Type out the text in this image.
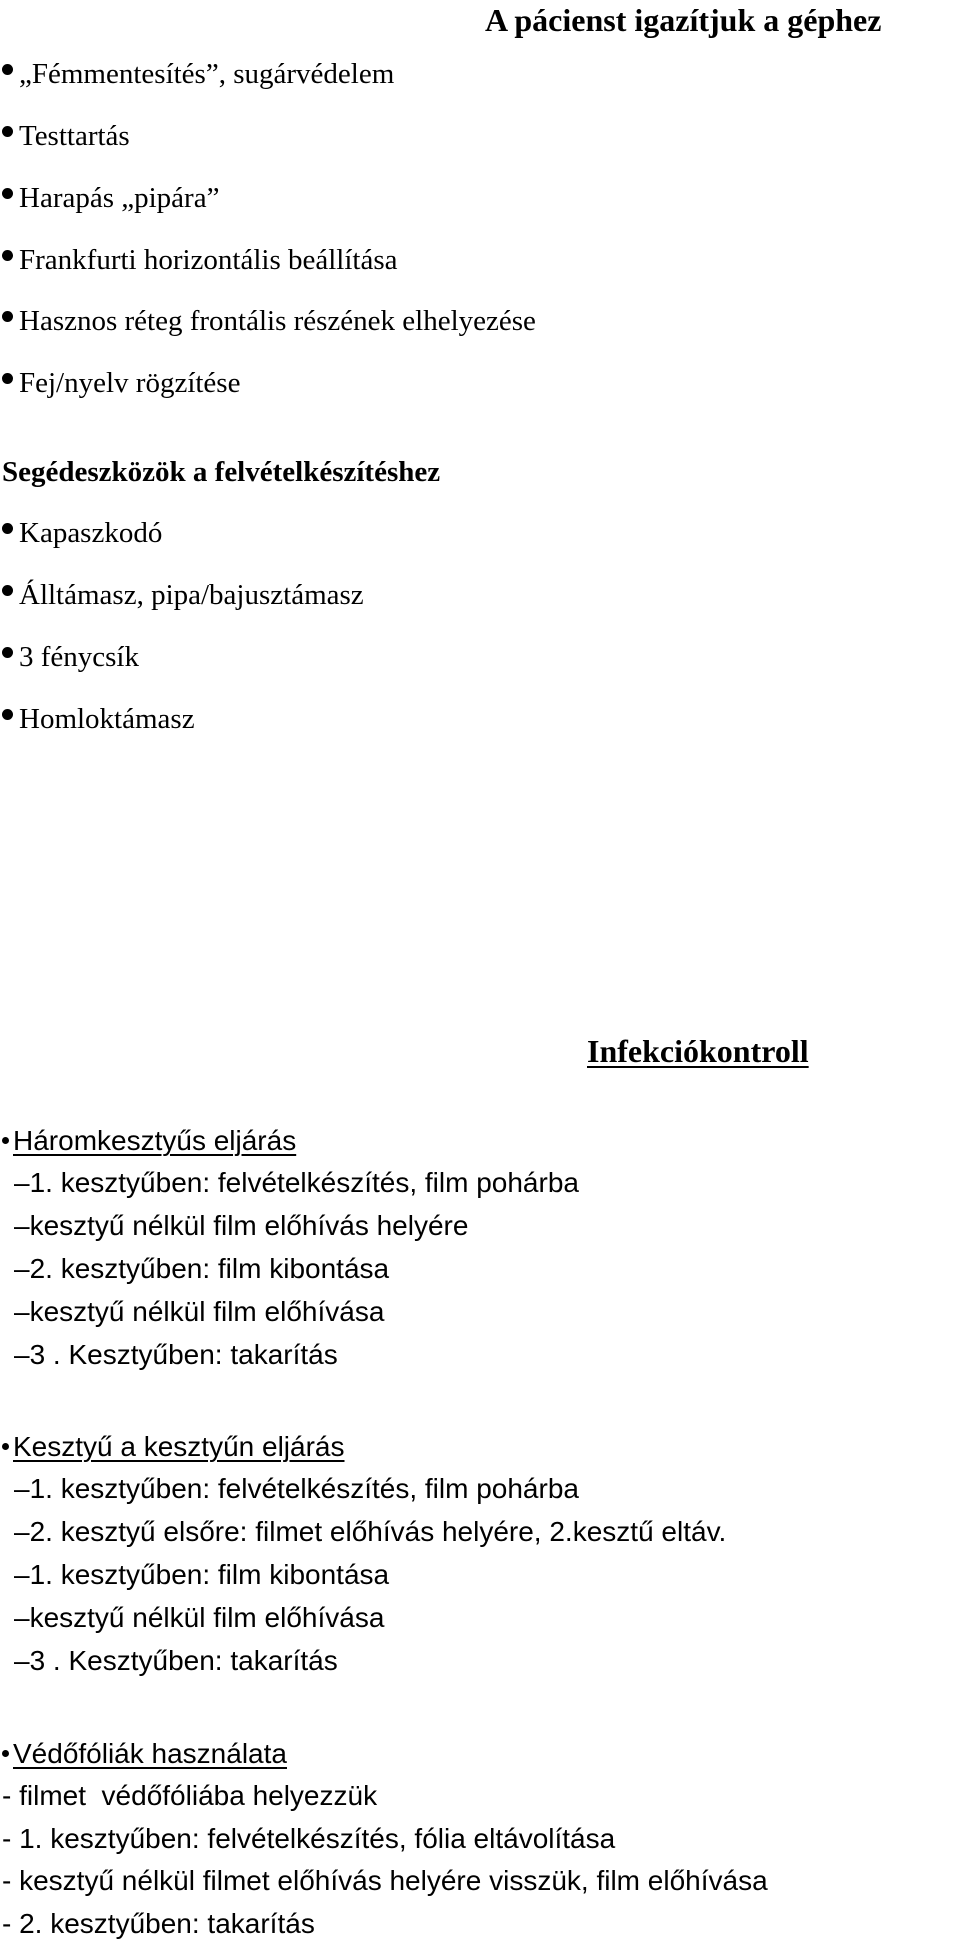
A pácienst igazítjuk a géphez
„Fémmentesítés”, sugárvédelem
Testtartás
Harapás „pipára”
Frankfurti horizontális beállítása
Hasznos réteg frontális részének elhelyezése
Fej/nyelv rögzítése
Segédeszközök a felvételkészítéshez
Kapaszkodó
Álltámasz, pipa/bajusztámasz
3 fénycsík
Homloktámasz
Infekciókontroll
Háromkesztyűs eljárás
–1. kesztyűben: felvételkészítés, film pohárba
–kesztyű nélkül film előhívás helyére
–2. kesztyűben: film kibontása
–kesztyű nélkül film előhívása
–3 . Kesztyűben: takarítás
Kesztyű a kesztyűn eljárás
–1. kesztyűben: felvételkészítés, film pohárba
–2. kesztyű elsőre: filmet előhívás helyére, 2.kesztű eltáv.
–1. kesztyűben: film kibontása
–kesztyű nélkül film előhívása
–3 . Kesztyűben: takarítás
Védőfóliák használata
- filmet  védőfóliába helyezzük
- 1. kesztyűben: felvételkészítés, fólia eltávolítása
- kesztyű nélkül filmet előhívás helyére visszük, film előhívása
- 2. kesztyűben: takarítás
